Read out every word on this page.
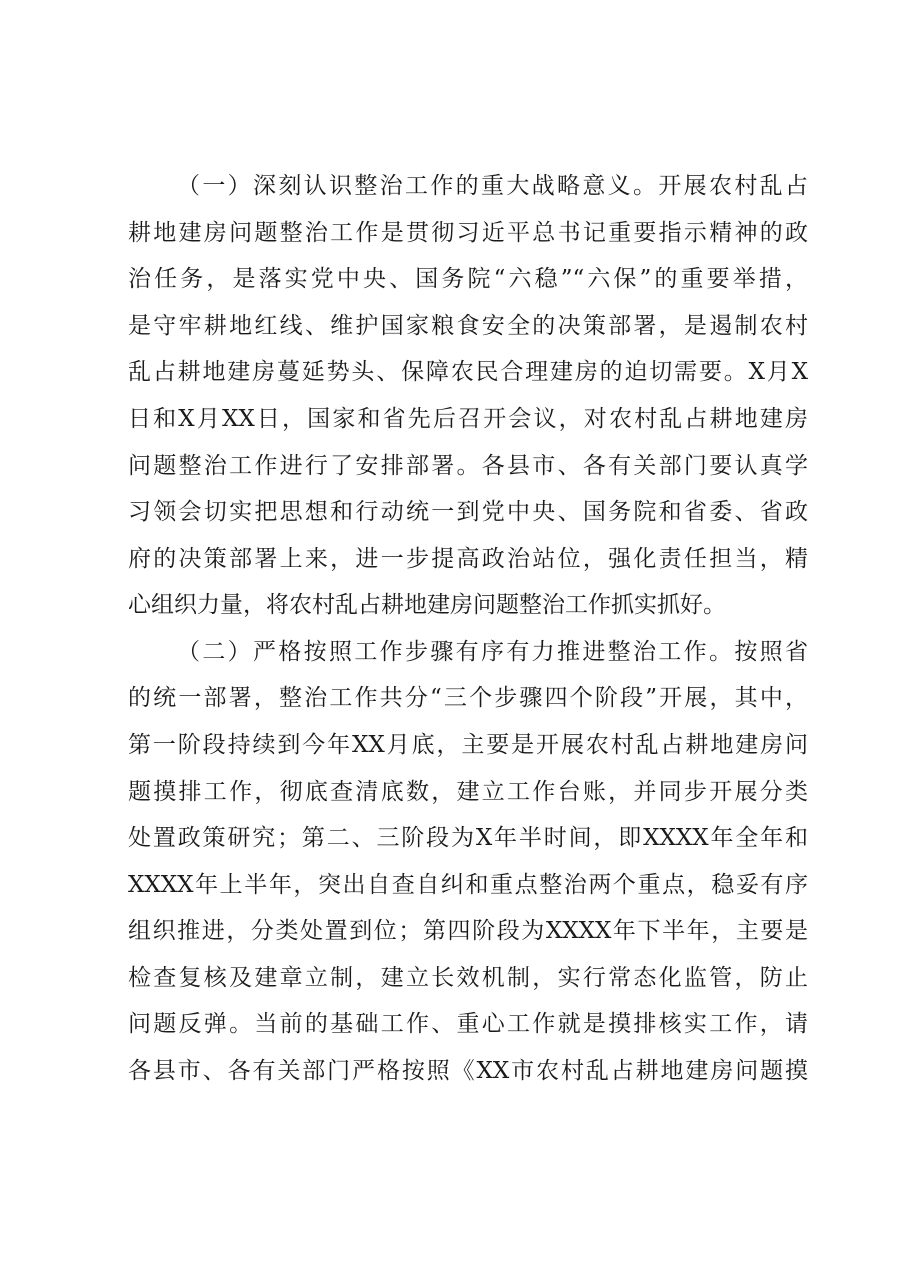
（一）深刻认识整治工作的重大战略意义。开展农村乱占
耕地建房问题整治工作是贯彻习近平总书记重要指示精神的政
治任务，是落实党中央、国务院“六稳”“六保”的重要举措，
是守牢耕地红线、维护国家粮食安全的决策部署，是遏制农村
乱占耕地建房蔓延势头、保障农民合理建房的迫切需要。X月X
日和X月XX日，国家和省先后召开会议，对农村乱占耕地建房
问题整治工作进行了安排部署。各县市、各有关部门要认真学
习领会切实把思想和行动统一到党中央、国务院和省委、省政
府的决策部署上来，进一步提高政治站位，强化责任担当，精
心组织力量，将农村乱占耕地建房问题整治工作抓实抓好。
（二）严格按照工作步骤有序有力推进整治工作。按照省
的统一部署，整治工作共分“三个步骤四个阶段”开展，其中，
第一阶段持续到今年XX月底，主要是开展农村乱占耕地建房问
题摸排工作，彻底查清底数，建立工作台账，并同步开展分类
处置政策研究；第二、三阶段为X年半时间，即XXXX年全年和
XXXX年上半年，突出自查自纠和重点整治两个重点，稳妥有序
组织推进，分类处置到位；第四阶段为XXXX年下半年，主要是
检查复核及建章立制，建立长效机制，实行常态化监管，防止
问题反弹。当前的基础工作、重心工作就是摸排核实工作，请
各县市、各有关部门严格按照《XX市农村乱占耕地建房问题摸
